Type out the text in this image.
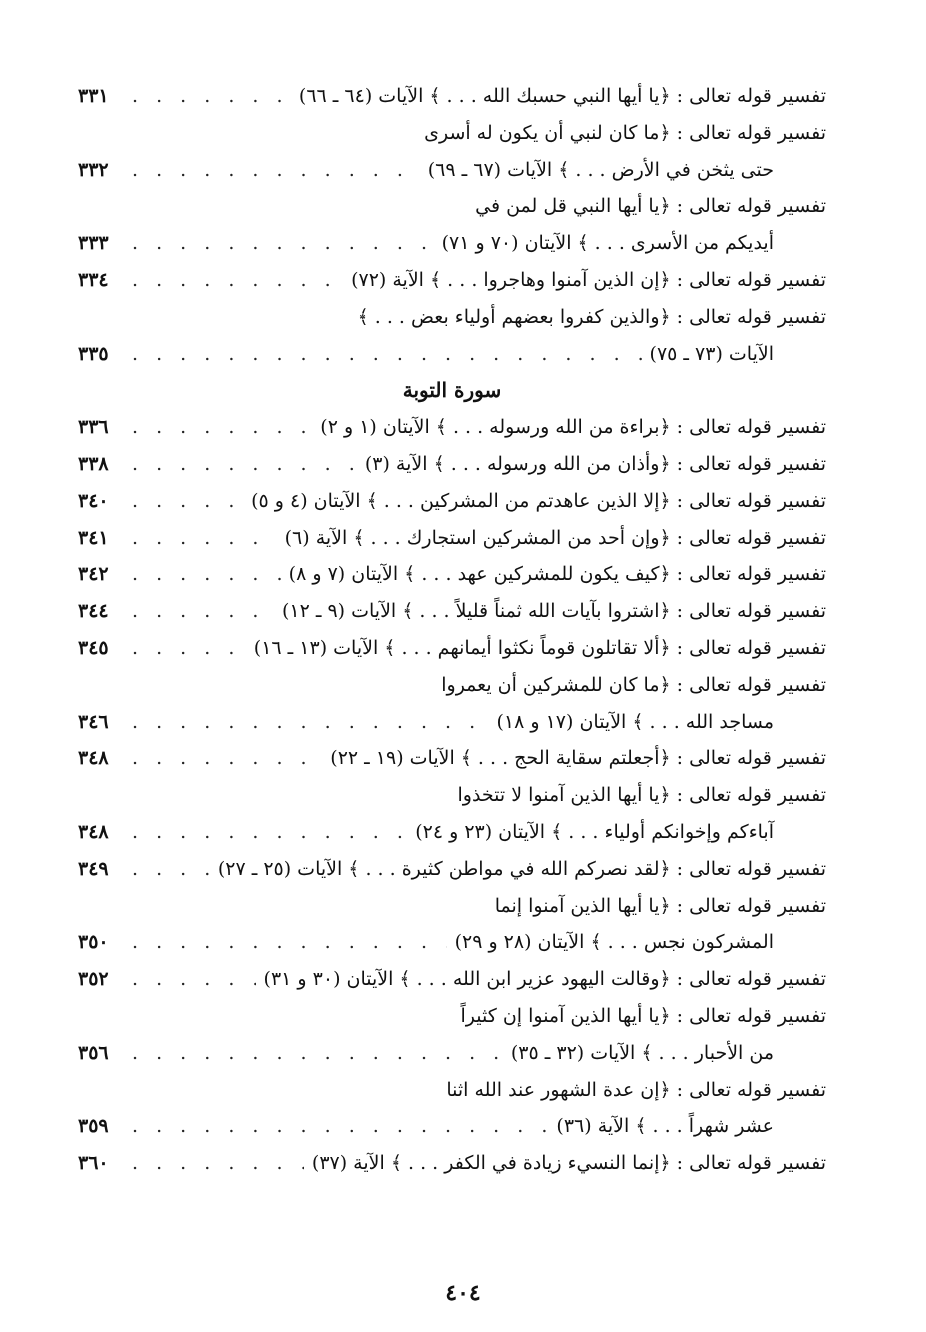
تفسير قوله تعالى : ﴿يا أيها النبي حسبك الله . . . ﴾ الآيات (٦٤ ـ ٦٦)
. . .
٣٣١
تفسير قوله تعالى : ﴿ما كان لنبي أن يكون له أسرى
حتى يثخن في الأرض . . . ﴾ الآيات (٦٧ ـ ٦٩)
. . .
٣٣٢
تفسير قوله تعالى : ﴿يا أيها النبي قل لمن في
أيديكم من الأسرى . . . ﴾ الآيتان (٧٠ و ٧١)
. . .
٣٣٣
تفسير قوله تعالى : ﴿إن الذين آمنوا وهاجروا . . . ﴾ الآية (٧٢)
. . .
٣٣٤
تفسير قوله تعالى : ﴿والذين كفروا بعضهم أولياء بعض . . . ﴾
الآيات (٧٣ ـ ٧٥)
. . .
٣٣٥
سورة التوبة
تفسير قوله تعالى : ﴿براءة من الله ورسوله . . . ﴾ الآيتان (١ و ٢)
. . .
٣٣٦
تفسير قوله تعالى : ﴿وأذان من الله ورسوله . . . ﴾ الآية (٣)
. . .
٣٣٨
تفسير قوله تعالى : ﴿إلا الذين عاهدتم من المشركين . . . ﴾ الآيتان (٤ و ٥)
. . .
٣٤٠
تفسير قوله تعالى : ﴿وإن أحد من المشركين استجارك . . . ﴾ الآية (٦)
. . .
٣٤١
تفسير قوله تعالى : ﴿كيف يكون للمشركين عهد . . . ﴾ الآيتان (٧ و ٨)
. . .
٣٤٢
تفسير قوله تعالى : ﴿اشتروا بآيات الله ثمناً قليلاً . . . ﴾ الآيات (٩ ـ ١٢)
. . .
٣٤٤
تفسير قوله تعالى : ﴿ألا تقاتلون قوماً نكثوا أيمانهم . . . ﴾ الآيات (١٣ ـ ١٦)
. . .
٣٤٥
تفسير قوله تعالى : ﴿ما كان للمشركين أن يعمروا
مساجد الله . . . ﴾ الآيتان (١٧ و ١٨)
. . .
٣٤٦
تفسير قوله تعالى : ﴿أجعلتم سقاية الحج . . . ﴾ الآيات (١٩ ـ ٢٢)
. . .
٣٤٨
تفسير قوله تعالى : ﴿يا أيها الذين آمنوا لا تتخذوا
آباءكم وإخوانكم أولياء . . . ﴾ الآيتان (٢٣ و ٢٤)
. . .
٣٤٨
تفسير قوله تعالى : ﴿لقد نصركم الله في مواطن كثيرة . . . ﴾ الآيات (٢٥ ـ ٢٧)
. . .
٣٤٩
تفسير قوله تعالى : ﴿يا أيها الذين آمنوا إنما
المشركون نجس . . . ﴾ الآيتان (٢٨ و ٢٩)
. . .
٣٥٠
تفسير قوله تعالى : ﴿وقالت اليهود عزير ابن الله . . . ﴾ الآيتان (٣٠ و ٣١)
. . .
٣٥٢
تفسير قوله تعالى : ﴿يا أيها الذين آمنوا إن كثيراً
من الأحبار . . . ﴾ الآيات (٣٢ ـ ٣٥)
. . .
٣٥٦
تفسير قوله تعالى : ﴿إن عدة الشهور عند الله اثنا
عشر شهراً . . . ﴾ الآية (٣٦)
. . .
٣٥٩
تفسير قوله تعالى : ﴿إنما النسيء زيادة في الكفر . . . ﴾ الآية (٣٧)
. . .
٣٦٠
٤٠٤
